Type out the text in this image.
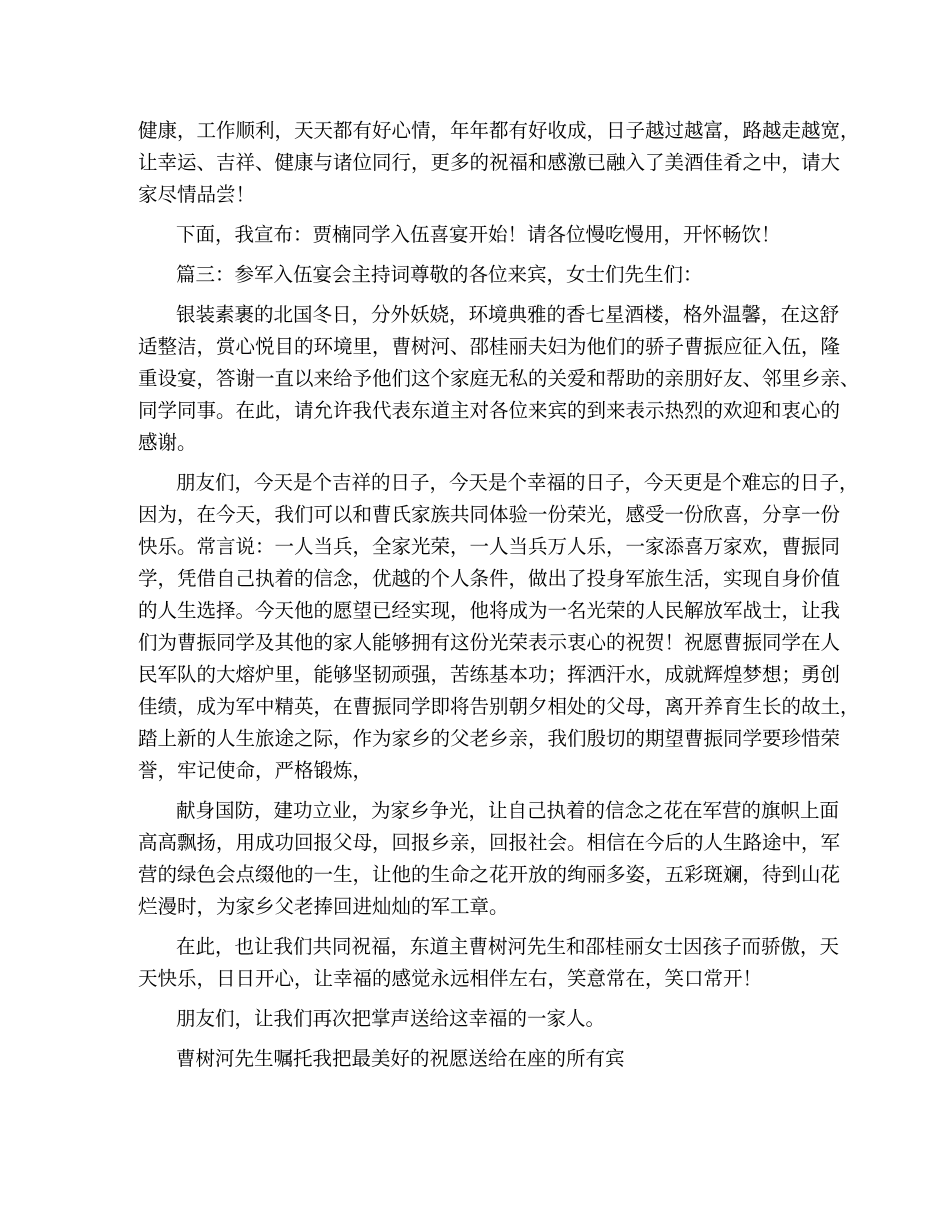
健康，工作顺利，天天都有好心情，年年都有好收成，日子越过越富，路越走越宽，
让幸运、吉祥、健康与诸位同行，更多的祝福和感激已融入了美酒佳肴之中，请大
家尽情品尝！
下面，我宣布：贾楠同学入伍喜宴开始！请各位慢吃慢用，开怀畅饮！
篇三：参军入伍宴会主持词尊敬的各位来宾，女士们先生们：
银装素裹的北国冬日，分外妖娆，环境典雅的香七星酒楼，格外温馨，在这舒
适整洁，赏心悦目的环境里，曹树河、邵桂丽夫妇为他们的骄子曹振应征入伍，隆
重设宴，答谢一直以来给予他们这个家庭无私的关爱和帮助的亲朋好友、邻里乡亲、
同学同事。在此，请允许我代表东道主对各位来宾的到来表示热烈的欢迎和衷心的
感谢。
朋友们，今天是个吉祥的日子，今天是个幸福的日子，今天更是个难忘的日子，
因为，在今天，我们可以和曹氏家族共同体验一份荣光，感受一份欣喜，分享一份
快乐。常言说：一人当兵，全家光荣，一人当兵万人乐，一家添喜万家欢，曹振同
学，凭借自己执着的信念，优越的个人条件，做出了投身军旅生活，实现自身价值
的人生选择。今天他的愿望已经实现，他将成为一名光荣的人民解放军战士，让我
们为曹振同学及其他的家人能够拥有这份光荣表示衷心的祝贺！祝愿曹振同学在人
民军队的大熔炉里，能够坚韧顽强，苦练基本功；挥洒汗水，成就辉煌梦想；勇创
佳绩，成为军中精英，在曹振同学即将告别朝夕相处的父母，离开养育生长的故土，
踏上新的人生旅途之际，作为家乡的父老乡亲，我们殷切的期望曹振同学要珍惜荣
誉，牢记使命，严格锻炼，
献身国防，建功立业，为家乡争光，让自己执着的信念之花在军营的旗帜上面
高高飘扬，用成功回报父母，回报乡亲，回报社会。相信在今后的人生路途中，军
营的绿色会点缀他的一生，让他的生命之花开放的绚丽多姿，五彩斑斓，待到山花
烂漫时，为家乡父老捧回进灿灿的军工章。
在此，也让我们共同祝福，东道主曹树河先生和邵桂丽女士因孩子而骄傲，天
天快乐，日日开心，让幸福的感觉永远相伴左右，笑意常在，笑口常开！
朋友们，让我们再次把掌声送给这幸福的一家人。
曹树河先生嘱托我把最美好的祝愿送给在座的所有宾
